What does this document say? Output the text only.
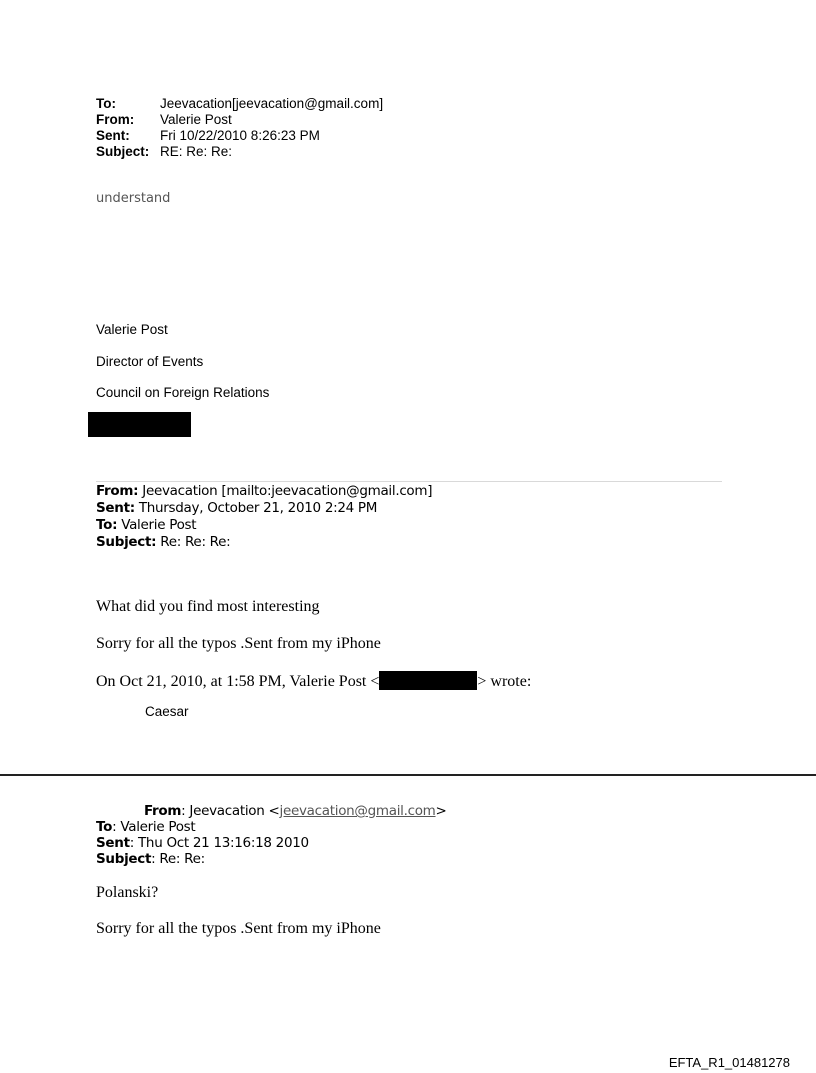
To:	Jeevacation[jeevacation@gmail.com]
From:	Valerie Post
Sent:	Fri 10/22/2010 8:26:23 PM
Subject: RE: Re: Re:
understand
Valerie Post
Director of Events
Council on Foreign Relations
From: Jeevacation [mailto:jeevacation@gmail.com]
Sent: Thursday, October 21, 2010 2:24 PM
To: Valerie Post
Subject: Re: Re: Re:
What did you find most interesting
Sorry for all the typos .Sent from my iPhone
On Oct 21, 2010, at 1:58 PM, Valerie Post <	> wrote:
Caesar
From: Jeevacation <jeevacation@gmail.com>
To: Valerie Post
Sent: Thu Oct 21 13:16:18 2010
Subject: Re: Re:
Polanski?
Sorry for all the typos .Sent from my iPhone
EFTA_R1_01481278
